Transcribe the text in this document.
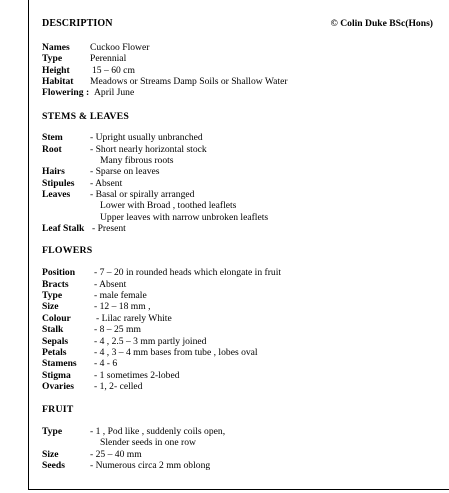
DESCRIPTION	© Colin Duke BSc(Hons)
Names Cuckoo Flower
Type	Perennial
Height 15 – 60 cm
Habitat Meadows or Streams Damp Soils or Shallow Water
Flowering : April June
STEMS & LEAVES
Stem	- Upright usually unbranched
Root	- Short nearly horizontal stock
Many fibrous roots
Hairs	- Sparse on leaves
Stipules - Absent
Leaves - Basal or spirally arranged
Lower with Broad , toothed leaflets
Upper leaves with narrow unbroken leaflets
Leaf Stalk - Present
FLOWERS
Position - 7 – 20 in rounded heads which elongate in fruit
Bracts	- Absent
Type	- male female
Size	- 12 – 18 mm ,
Colour	- Lilac rarely White
Stalk	- 8 – 25 mm
Sepals	- 4 , 2.5 – 3 mm partly joined
Petals	- 4 , 3 – 4 mm bases from tube , lobes oval
Stamens - 4 - 6
Stigma - 1 sometimes 2-lobed
Ovaries - 1, 2- celled
FRUIT
Type	- 1 , Pod like , suddenly coils open,
Slender seeds in one row
Size	- 25 – 40 mm
Seeds	- Numerous circa 2 mm oblong
